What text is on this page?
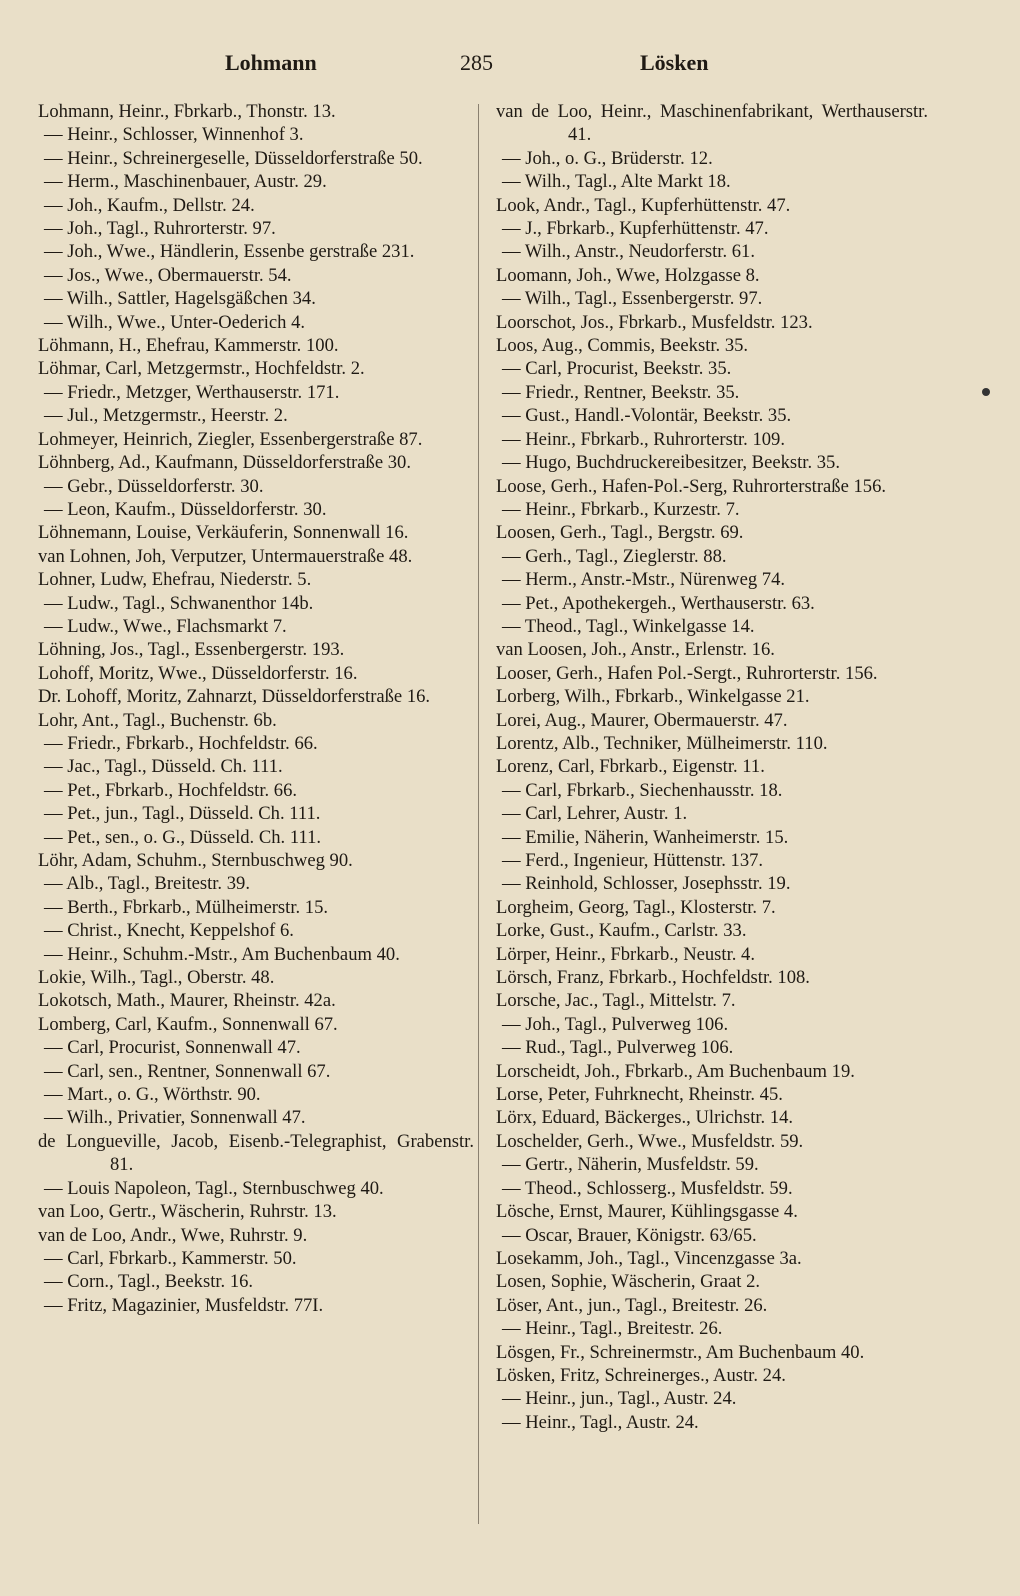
Lohmann	285	Lösken

Lohmann, Heinr., Fbrkarb., Thonstr. 13.

— Heinr., Schlosser, Winnenhof 3.

— Heinr., Schreinergeselle, Düsseldorferstraße 50.

— Herm., Maschinenbauer, Austr. 29.

— Joh., Kaufm., Dellstr. 24.

— Joh., Tagl., Ruhrorterstr. 97.

— Joh., Wwe., Händlerin, Essenbe gerstraße 231.

— Jos., Wwe., Obermauerstr. 54.

— Wilh., Sattler, Hagelsgäßchen 34.

— Wilh., Wwe., Unter-Oederich 4.

Löhmann, H., Ehefrau, Kammerstr. 100.

Löhmar, Carl, Metzgermstr., Hochfeldstr. 2.

— Friedr., Metzger, Werthauserstr. 171.

— Jul., Metzgermstr., Heerstr. 2.

Lohmeyer, Heinrich, Ziegler, Essenbergerstraße 87.

Löhnberg, Ad., Kaufmann, Düsseldorferstraße 30.

— Gebr., Düsseldorferstr. 30.

— Leon, Kaufm., Düsseldorferstr. 30.

Löhnemann, Louise, Verkäuferin, Sonnenwall 16.

van Lohnen, Joh, Verputzer, Untermauerstraße 48.

Lohner, Ludw, Ehefrau, Niederstr. 5.

— Ludw., Tagl., Schwanenthor 14b.

— Ludw., Wwe., Flachsmarkt 7.

Löhning, Jos., Tagl., Essenbergerstr. 193.

Lohoff, Moritz, Wwe., Düsseldorferstr. 16.

Dr. Lohoff, Moritz, Zahnarzt, Düsseldorferstraße 16.

Lohr, Ant., Tagl., Buchenstr. 6b.

— Friedr., Fbrkarb., Hochfeldstr. 66.

— Jac., Tagl., Düsseld. Ch. 111.

— Pet., Fbrkarb., Hochfeldstr. 66.

— Pet., jun., Tagl., Düsseld. Ch. 111.

— Pet., sen., o. G., Düsseld. Ch. 111.

Löhr, Adam, Schuhm., Sternbuschweg 90.

— Alb., Tagl., Breitestr. 39.

— Berth., Fbrkarb., Mülheimerstr. 15.

— Christ., Knecht, Keppelshof 6.

— Heinr., Schuhm.-Mstr., Am Buchenbaum 40.

Lokie, Wilh., Tagl., Oberstr. 48.

Lokotsch, Math., Maurer, Rheinstr. 42a.

Lomberg, Carl, Kaufm., Sonnenwall 67.

— Carl, Procurist, Sonnenwall 47.

— Carl, sen., Rentner, Sonnenwall 67.

— Mart., o. G., Wörthstr. 90.

— Wilh., Privatier, Sonnenwall 47.

de Longueville, Jacob, Eisenb.-Telegraphist, Grabenstr. 81.

— Louis Napoleon, Tagl., Sternbuschweg 40.

van Loo, Gertr., Wäscherin, Ruhrstr. 13.

van de Loo, Andr., Wwe, Ruhrstr. 9.

— Carl, Fbrkarb., Kammerstr. 50.

— Corn., Tagl., Beekstr. 16.

— Fritz, Magazinier, Musfeldstr. 77I.

van de Loo, Heinr., Maschinenfabrikant, Werthauserstr. 41.

— Joh., o. G., Brüderstr. 12.

— Wilh., Tagl., Alte Markt 18.

Look, Andr., Tagl., Kupferhüttenstr. 47.

— J., Fbrkarb., Kupferhüttenstr. 47.

— Wilh., Anstr., Neudorferstr. 61.

Loomann, Joh., Wwe, Holzgasse 8.

— Wilh., Tagl., Essenbergerstr. 97.

Loorschot, Jos., Fbrkarb., Musfeldstr. 123.

Loos, Aug., Commis, Beekstr. 35.

— Carl, Procurist, Beekstr. 35.

— Friedr., Rentner, Beekstr. 35.

— Gust., Handl.-Volontär, Beekstr. 35.

— Heinr., Fbrkarb., Ruhrorterstr. 109.

— Hugo, Buchdruckereibesitzer, Beekstr. 35.

Loose, Gerh., Hafen-Pol.-Serg, Ruhrorterstraße 156.

— Heinr., Fbrkarb., Kurzestr. 7.

Loosen, Gerh., Tagl., Bergstr. 69.

— Gerh., Tagl., Zieglerstr. 88.

— Herm., Anstr.-Mstr., Nürenweg 74.

— Pet., Apothekergeh., Werthauserstr. 63.

— Theod., Tagl., Winkelgasse 14.

van Loosen, Joh., Anstr., Erlenstr. 16.

Looser, Gerh., Hafen Pol.-Sergt., Ruhrorterstr. 156.

Lorberg, Wilh., Fbrkarb., Winkelgasse 21.

Lorei, Aug., Maurer, Obermauerstr. 47.

Lorentz, Alb., Techniker, Mülheimerstr. 110.

Lorenz, Carl, Fbrkarb., Eigenstr. 11.

— Carl, Fbrkarb., Siechenhausstr. 18.

— Carl, Lehrer, Austr. 1.

— Emilie, Näherin, Wanheimerstr. 15.

— Ferd., Ingenieur, Hüttenstr. 137.

— Reinhold, Schlosser, Josephsstr. 19.

Lorgheim, Georg, Tagl., Klosterstr. 7.

Lorke, Gust., Kaufm., Carlstr. 33.

Lörper, Heinr., Fbrkarb., Neustr. 4.

Lörsch, Franz, Fbrkarb., Hochfeldstr. 108.

Lorsche, Jac., Tagl., Mittelstr. 7.

— Joh., Tagl., Pulverweg 106.

— Rud., Tagl., Pulverweg 106.

Lorscheidt, Joh., Fbrkarb., Am Buchenbaum 19.

Lorse, Peter, Fuhrknecht, Rheinstr. 45.

Lörx, Eduard, Bäckerges., Ulrichstr. 14.

Loschelder, Gerh., Wwe., Musfeldstr. 59.

— Gertr., Näherin, Musfeldstr. 59.

— Theod., Schlosserg., Musfeldstr. 59.

Lösche, Ernst, Maurer, Kühlingsgasse 4.

— Oscar, Brauer, Königstr. 63/65.

Losekamm, Joh., Tagl., Vincenzgasse 3a.

Losen, Sophie, Wäscherin, Graat 2.

Löser, Ant., jun., Tagl., Breitestr. 26.

— Heinr., Tagl., Breitestr. 26.

Lösgen, Fr., Schreinermstr., Am Buchenbaum 40.

Lösken, Fritz, Schreinerges., Austr. 24.

— Heinr., jun., Tagl., Austr. 24.

— Heinr., Tagl., Austr. 24.
